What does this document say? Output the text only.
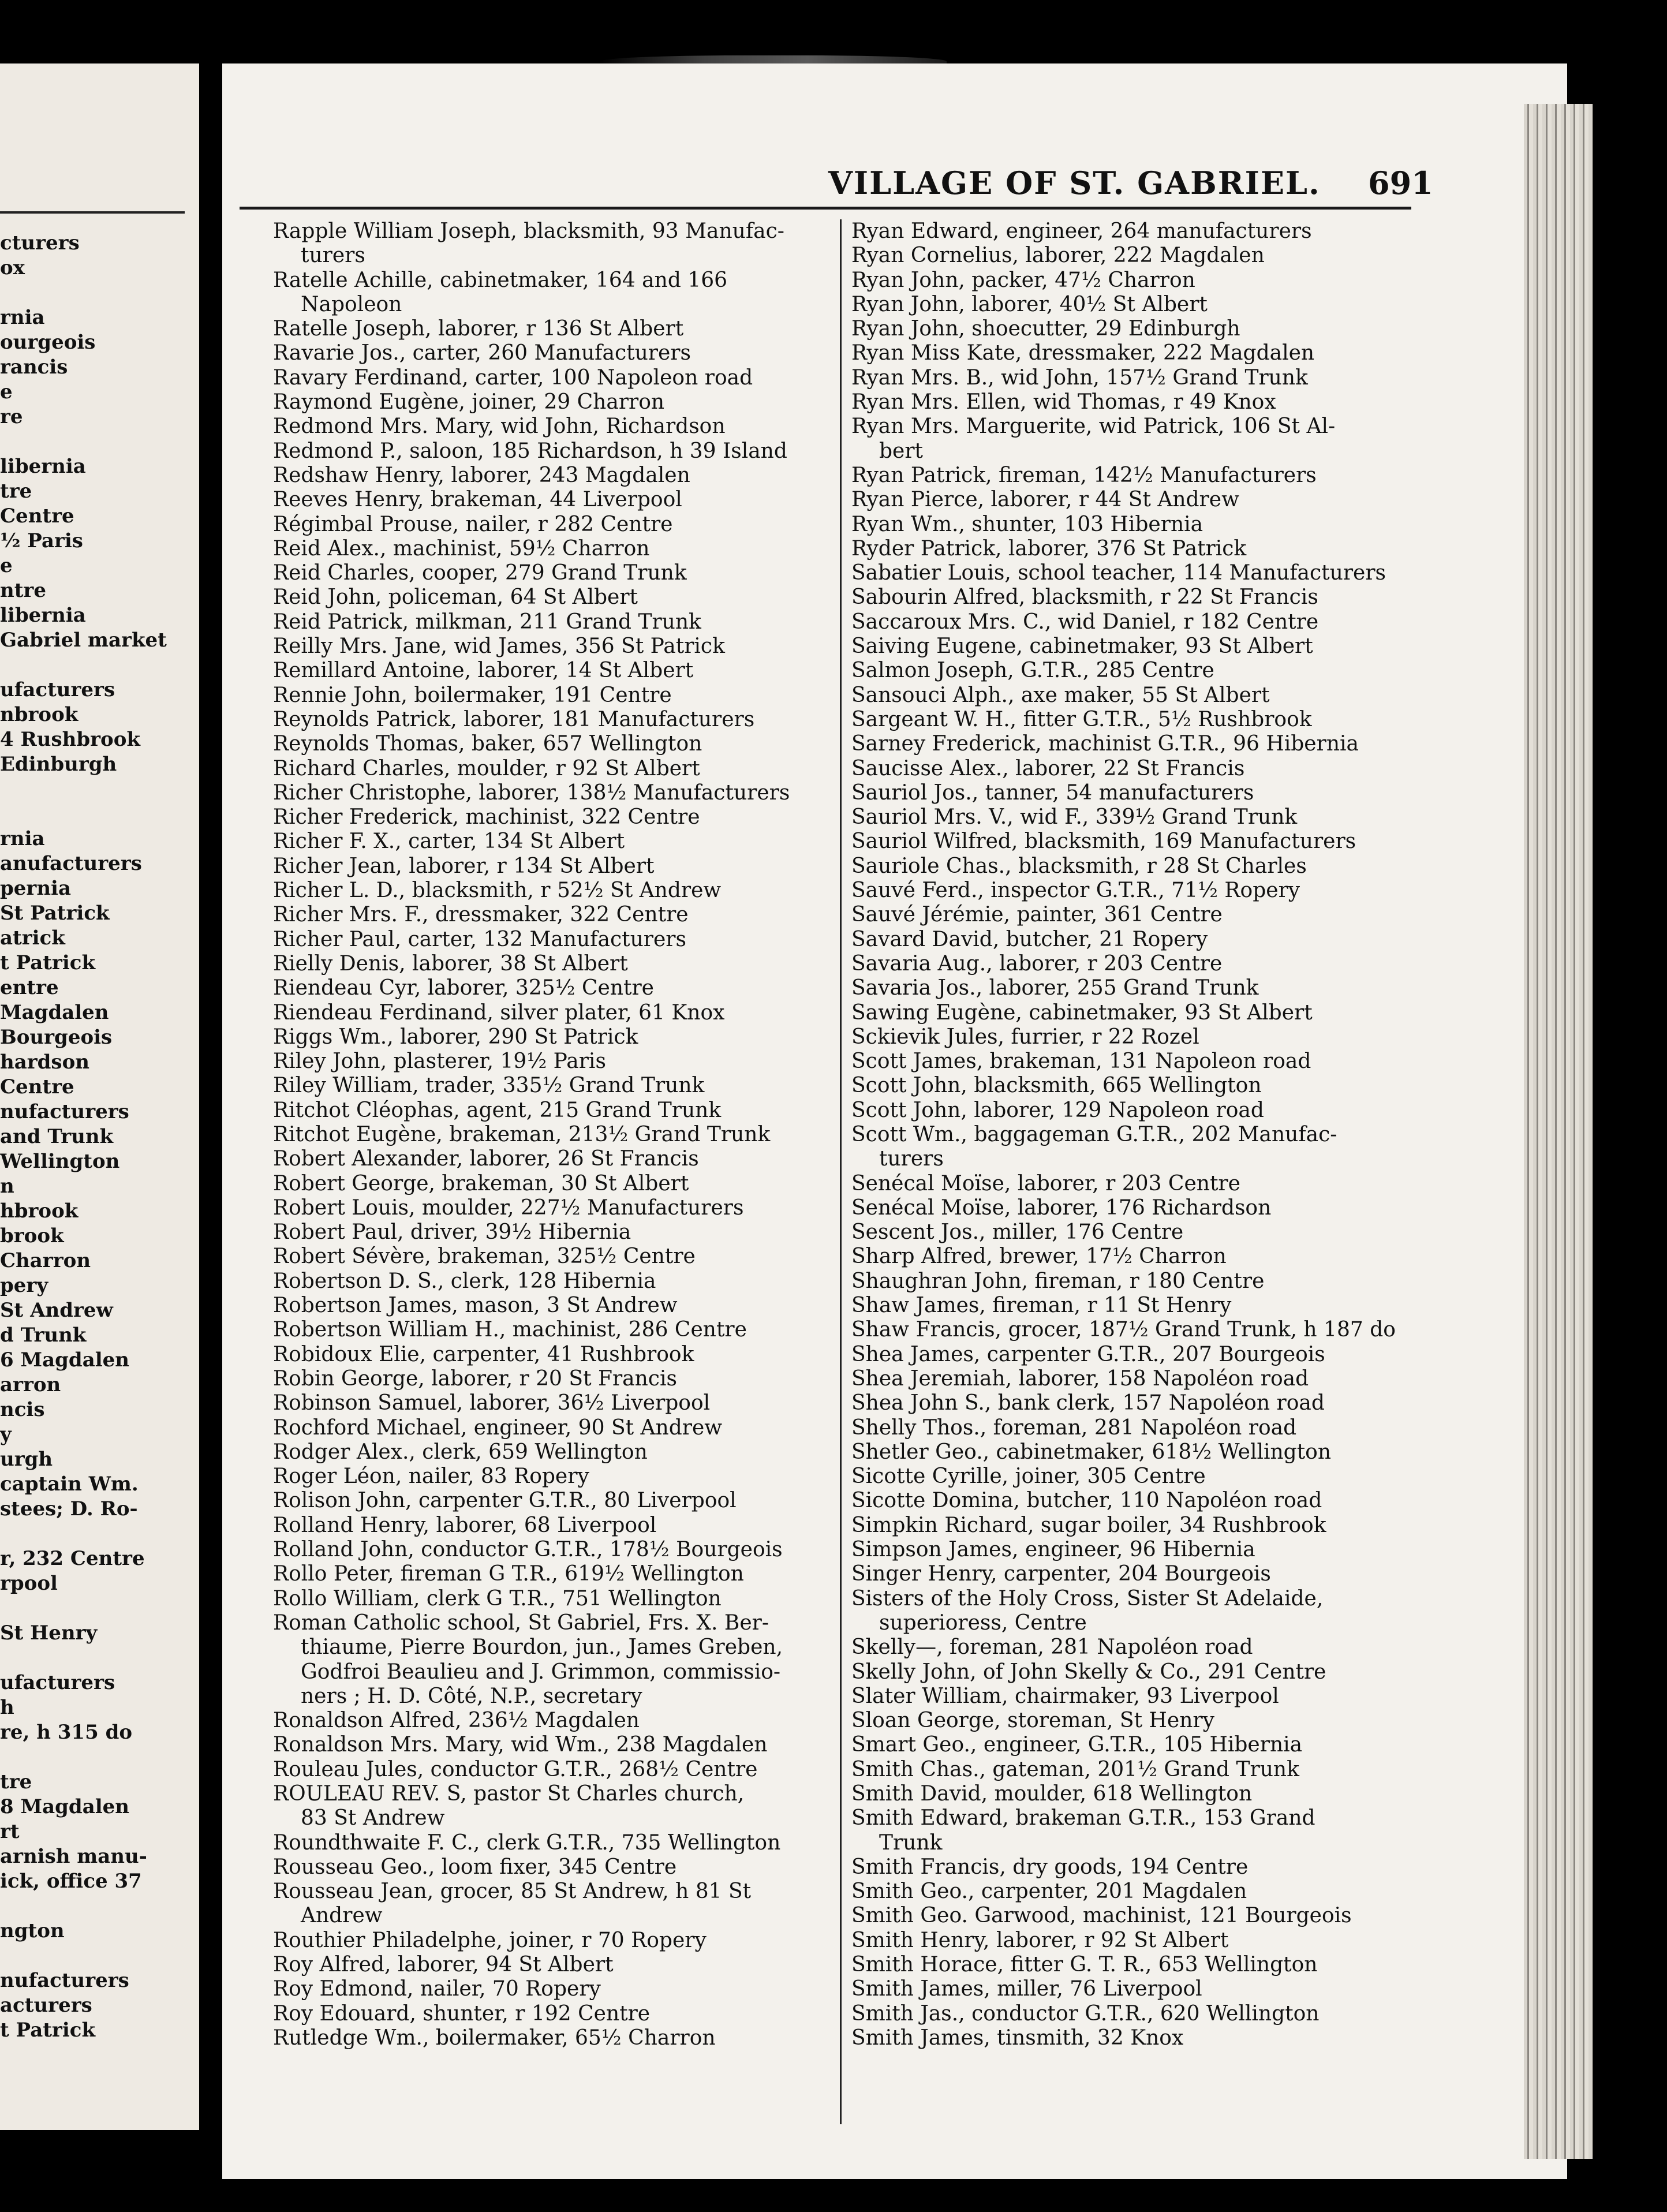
cturers
ox
rnia
ourgeois
rancis
e
re
libernia
tre
Centre
½ Paris
e
ntre
libernia
Gabriel market
ufacturers
nbrook
4 Rushbrook
Edinburgh
rnia
anufacturers
pernia
St Patrick
atrick
t Patrick
entre
Magdalen
Bourgeois
hardson
Centre
nufacturers
and Trunk
Wellington
n
hbrook
brook
Charron
pery
St Andrew
d Trunk
6 Magdalen
arron
ncis
y
urgh
captain Wm.
stees; D. Ro-
r, 232 Centre
rpool
St Henry
ufacturers
h
re, h 315 do
tre
8 Magdalen
rt
arnish manu-
ick, office 37
ngton
nufacturers
acturers
t Patrick
VILLAGE OF ST. GABRIEL. 691
Rapple William Joseph, blacksmith, 93 Manufac-
turers
Ratelle Achille, cabinetmaker, 164 and 166
Napoleon
Ratelle Joseph, laborer, r 136 St Albert
Ravarie Jos., carter, 260 Manufacturers
Ravary Ferdinand, carter, 100 Napoleon road
Raymond Eugène, joiner, 29 Charron
Redmond Mrs. Mary, wid John, Richardson
Redmond P., saloon, 185 Richardson, h 39 Island
Redshaw Henry, laborer, 243 Magdalen
Reeves Henry, brakeman, 44 Liverpool
Régimbal Prouse, nailer, r 282 Centre
Reid Alex., machinist, 59½ Charron
Reid Charles, cooper, 279 Grand Trunk
Reid John, policeman, 64 St Albert
Reid Patrick, milkman, 211 Grand Trunk
Reilly Mrs. Jane, wid James, 356 St Patrick
Remillard Antoine, laborer, 14 St Albert
Rennie John, boilermaker, 191 Centre
Reynolds Patrick, laborer, 181 Manufacturers
Reynolds Thomas, baker, 657 Wellington
Richard Charles, moulder, r 92 St Albert
Richer Christophe, laborer, 138½ Manufacturers
Richer Frederick, machinist, 322 Centre
Richer F. X., carter, 134 St Albert
Richer Jean, laborer, r 134 St Albert
Richer L. D., blacksmith, r 52½ St Andrew
Richer Mrs. F., dressmaker, 322 Centre
Richer Paul, carter, 132 Manufacturers
Rielly Denis, laborer, 38 St Albert
Riendeau Cyr, laborer, 325½ Centre
Riendeau Ferdinand, silver plater, 61 Knox
Riggs Wm., laborer, 290 St Patrick
Riley John, plasterer, 19½ Paris
Riley William, trader, 335½ Grand Trunk
Ritchot Cléophas, agent, 215 Grand Trunk
Ritchot Eugène, brakeman, 213½ Grand Trunk
Robert Alexander, laborer, 26 St Francis
Robert George, brakeman, 30 St Albert
Robert Louis, moulder, 227½ Manufacturers
Robert Paul, driver, 39½ Hibernia
Robert Sévère, brakeman, 325½ Centre
Robertson D. S., clerk, 128 Hibernia
Robertson James, mason, 3 St Andrew
Robertson William H., machinist, 286 Centre
Robidoux Elie, carpenter, 41 Rushbrook
Robin George, laborer, r 20 St Francis
Robinson Samuel, laborer, 36½ Liverpool
Rochford Michael, engineer, 90 St Andrew
Rodger Alex., clerk, 659 Wellington
Roger Léon, nailer, 83 Ropery
Rolison John, carpenter G.T.R., 80 Liverpool
Rolland Henry, laborer, 68 Liverpool
Rolland John, conductor G.T.R., 178½ Bourgeois
Rollo Peter, fireman G T.R., 619½ Wellington
Rollo William, clerk G T.R., 751 Wellington
Roman Catholic school, St Gabriel, Frs. X. Ber-
thiaume, Pierre Bourdon, jun., James Greben,
Godfroi Beaulieu and J. Grimmon, commissio-
ners ; H. D. Côté, N.P., secretary
Ronaldson Alfred, 236½ Magdalen
Ronaldson Mrs. Mary, wid Wm., 238 Magdalen
Rouleau Jules, conductor G.T.R., 268½ Centre
ROULEAU REV. S, pastor St Charles church,
83 St Andrew
Roundthwaite F. C., clerk G.T.R., 735 Wellington
Rousseau Geo., loom fixer, 345 Centre
Rousseau Jean, grocer, 85 St Andrew, h 81 St
Andrew
Routhier Philadelphe, joiner, r 70 Ropery
Roy Alfred, laborer, 94 St Albert
Roy Edmond, nailer, 70 Ropery
Roy Edouard, shunter, r 192 Centre
Rutledge Wm., boilermaker, 65½ Charron
Ryan Edward, engineer, 264 manufacturers
Ryan Cornelius, laborer, 222 Magdalen
Ryan John, packer, 47½ Charron
Ryan John, laborer, 40½ St Albert
Ryan John, shoecutter, 29 Edinburgh
Ryan Miss Kate, dressmaker, 222 Magdalen
Ryan Mrs. B., wid John, 157½ Grand Trunk
Ryan Mrs. Ellen, wid Thomas, r 49 Knox
Ryan Mrs. Marguerite, wid Patrick, 106 St Al-
bert
Ryan Patrick, fireman, 142½ Manufacturers
Ryan Pierce, laborer, r 44 St Andrew
Ryan Wm., shunter, 103 Hibernia
Ryder Patrick, laborer, 376 St Patrick
Sabatier Louis, school teacher, 114 Manufacturers
Sabourin Alfred, blacksmith, r 22 St Francis
Saccaroux Mrs. C., wid Daniel, r 182 Centre
Saiving Eugene, cabinetmaker, 93 St Albert
Salmon Joseph, G.T.R., 285 Centre
Sansouci Alph., axe maker, 55 St Albert
Sargeant W. H., fitter G.T.R., 5½ Rushbrook
Sarney Frederick, machinist G.T.R., 96 Hibernia
Saucisse Alex., laborer, 22 St Francis
Sauriol Jos., tanner, 54 manufacturers
Sauriol Mrs. V., wid F., 339½ Grand Trunk
Sauriol Wilfred, blacksmith, 169 Manufacturers
Sauriole Chas., blacksmith, r 28 St Charles
Sauvé Ferd., inspector G.T.R., 71½ Ropery
Sauvé Jérémie, painter, 361 Centre
Savard David, butcher, 21 Ropery
Savaria Aug., laborer, r 203 Centre
Savaria Jos., laborer, 255 Grand Trunk
Sawing Eugène, cabinetmaker, 93 St Albert
Sckievik Jules, furrier, r 22 Rozel
Scott James, brakeman, 131 Napoleon road
Scott John, blacksmith, 665 Wellington
Scott John, laborer, 129 Napoleon road
Scott Wm., baggageman G.T.R., 202 Manufac-
turers
Senécal Moïse, laborer, r 203 Centre
Senécal Moïse, laborer, 176 Richardson
Sescent Jos., miller, 176 Centre
Sharp Alfred, brewer, 17½ Charron
Shaughran John, fireman, r 180 Centre
Shaw James, fireman, r 11 St Henry
Shaw Francis, grocer, 187½ Grand Trunk, h 187 do
Shea James, carpenter G.T.R., 207 Bourgeois
Shea Jeremiah, laborer, 158 Napoléon road
Shea John S., bank clerk, 157 Napoléon road
Shelly Thos., foreman, 281 Napoléon road
Shetler Geo., cabinetmaker, 618½ Wellington
Sicotte Cyrille, joiner, 305 Centre
Sicotte Domina, butcher, 110 Napoléon road
Simpkin Richard, sugar boiler, 34 Rushbrook
Simpson James, engineer, 96 Hibernia
Singer Henry, carpenter, 204 Bourgeois
Sisters of the Holy Cross, Sister St Adelaide,
superioress, Centre
Skelly—, foreman, 281 Napoléon road
Skelly John, of John Skelly & Co., 291 Centre
Slater William, chairmaker, 93 Liverpool
Sloan George, storeman, St Henry
Smart Geo., engineer, G.T.R., 105 Hibernia
Smith Chas., gateman, 201½ Grand Trunk
Smith David, moulder, 618 Wellington
Smith Edward, brakeman G.T.R., 153 Grand
Trunk
Smith Francis, dry goods, 194 Centre
Smith Geo., carpenter, 201 Magdalen
Smith Geo. Garwood, machinist, 121 Bourgeois
Smith Henry, laborer, r 92 St Albert
Smith Horace, fitter G. T. R., 653 Wellington
Smith James, miller, 76 Liverpool
Smith Jas., conductor G.T.R., 620 Wellington
Smith James, tinsmith, 32 Knox
